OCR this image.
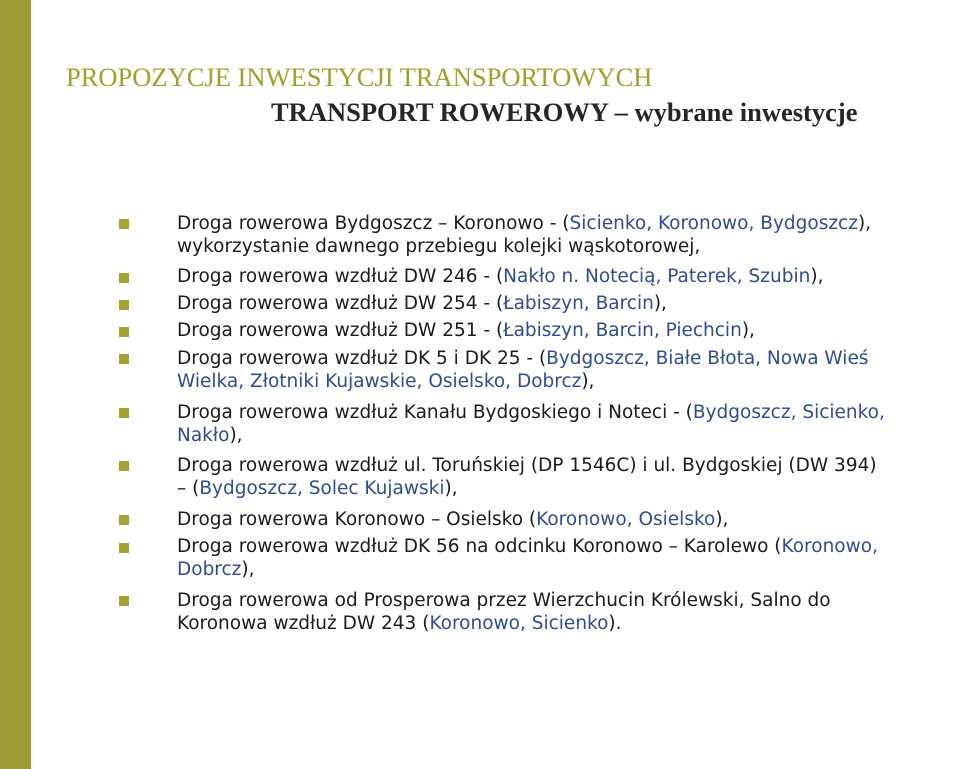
PROPOZYCJE INWESTYCJI TRANSPORTOWYCH
TRANSPORT ROWEROWY – wybrane inwestycje
Droga rowerowa Bydgoszcz – Koronowo - (Sicienko, Koronowo, Bydgoszcz),
wykorzystanie dawnego przebiegu kolejki wąskotorowej,
Droga rowerowa wzdłuż DW 246 - (Nakło n. Notecią, Paterek, Szubin),
Droga rowerowa wzdłuż DW 254 - (Łabiszyn, Barcin),
Droga rowerowa wzdłuż DW 251 - (Łabiszyn, Barcin, Piechcin),
Droga rowerowa wzdłuż DK 5 i DK 25 - (Bydgoszcz, Białe Błota, Nowa Wieś
Wielka, Złotniki Kujawskie, Osielsko, Dobrcz),
Droga rowerowa wzdłuż Kanału Bydgoskiego i Noteci - (Bydgoszcz, Sicienko,
Nakło),
Droga rowerowa wzdłuż ul. Toruńskiej (DP 1546C) i ul. Bydgoskiej (DW 394)
– (Bydgoszcz, Solec Kujawski),
Droga rowerowa Koronowo – Osielsko (Koronowo, Osielsko),
Droga rowerowa wzdłuż DK 56 na odcinku Koronowo – Karolewo (Koronowo,
Dobrcz),
Droga rowerowa od Prosperowa przez Wierzchucin Królewski, Salno do
Koronowa wzdłuż DW 243 (Koronowo, Sicienko).
